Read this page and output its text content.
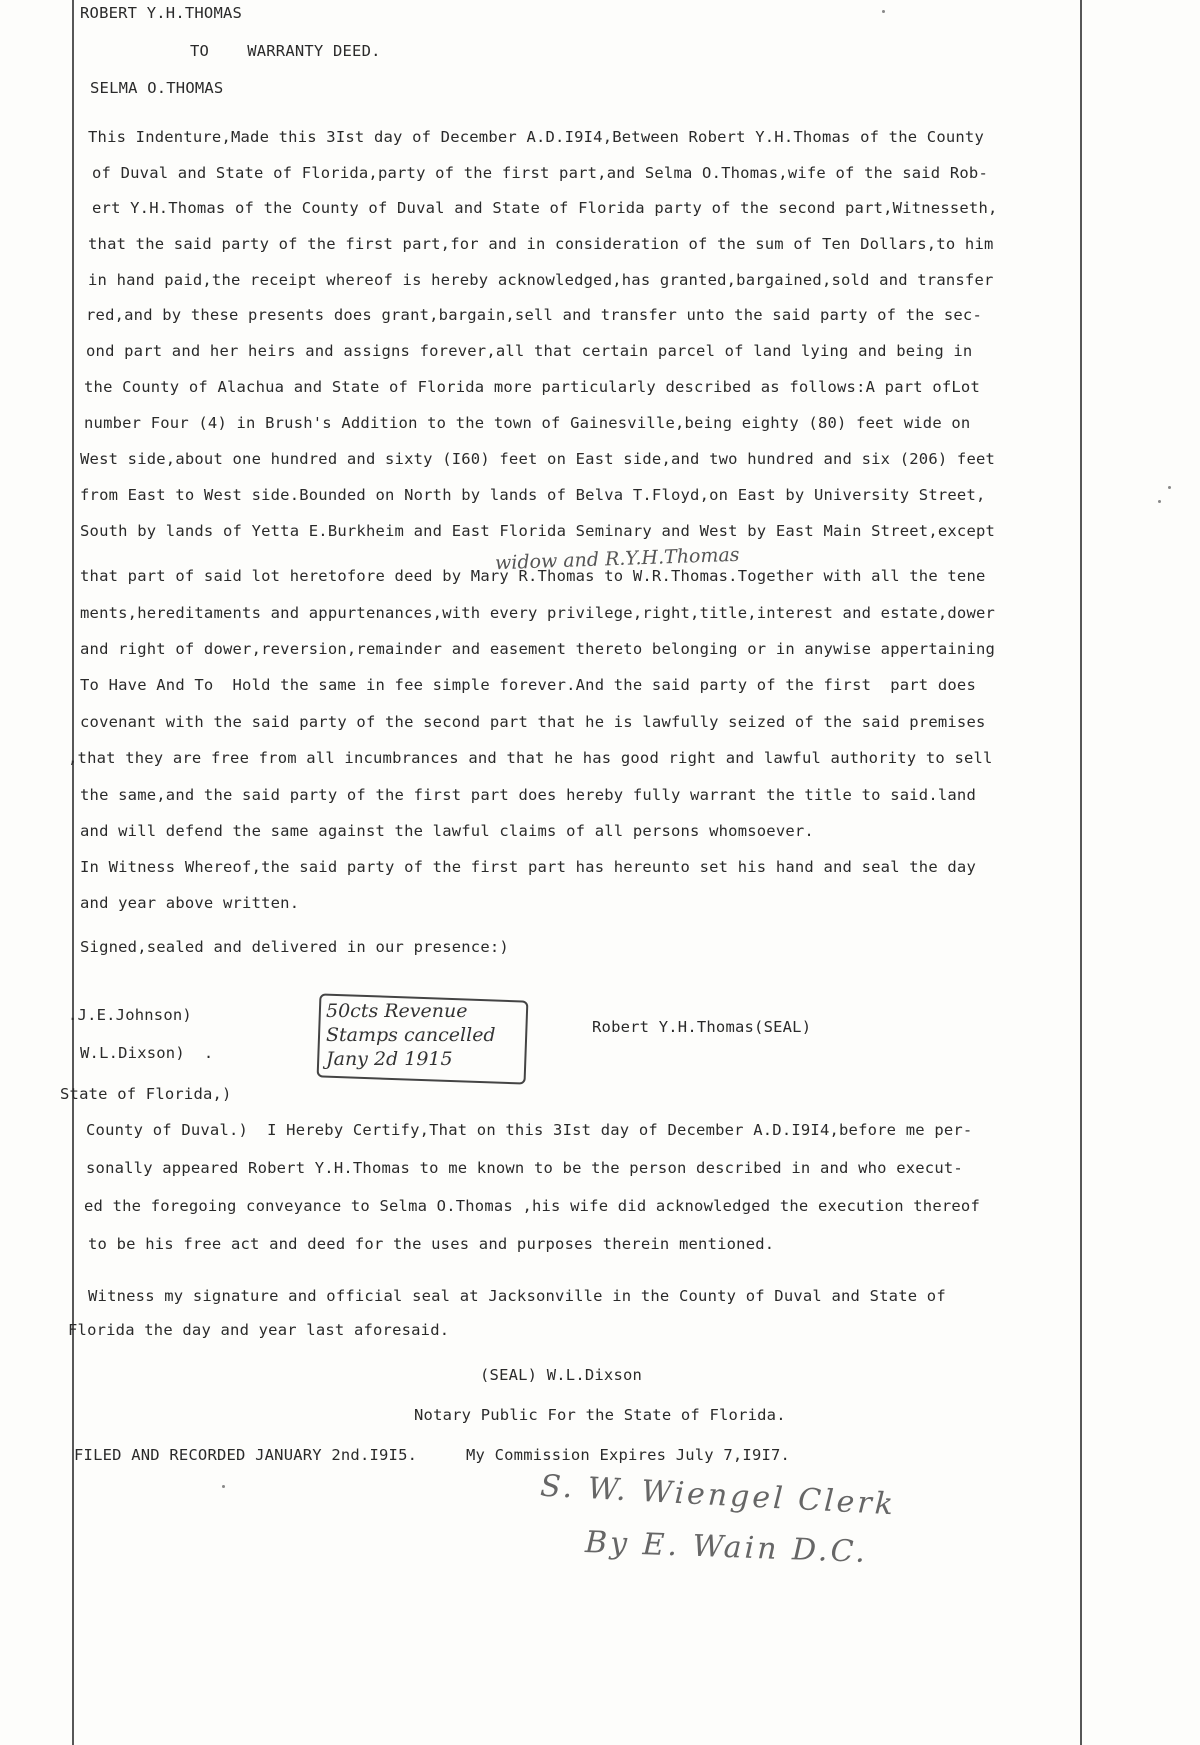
ROBERT Y.H.THOMAS
TO    WARRANTY DEED.
SELMA O.THOMAS
This Indenture,Made this 3Ist day of December A.D.I9I4,Between Robert Y.H.Thomas of the County
of Duval and State of Florida,party of the first part,and Selma O.Thomas,wife of the said Rob-
ert Y.H.Thomas of the County of Duval and State of Florida party of the second part,Witnesseth,
that the said party of the first part,for and in consideration of the sum of Ten Dollars,to him
in hand paid,the receipt whereof is hereby acknowledged,has granted,bargained,sold and transfer
red,and by these presents does grant,bargain,sell and transfer unto the said party of the sec-
ond part and her heirs and assigns forever,all that certain parcel of land lying and being in
the County of Alachua and State of Florida more particularly described as follows:A part ofLot
number Four (4) in Brush's Addition to the town of Gainesville,being eighty (80) feet wide on
West side,about one hundred and sixty (I60) feet on East side,and two hundred and six (206) feet
from East to West side.Bounded on North by lands of Belva T.Floyd,on East by University Street,
South by lands of Yetta E.Burkheim and East Florida Seminary and West by East Main Street,except
widow and R.Y.H.Thomas
that part of said lot heretofore deed by Mary R.Thomas to W.R.Thomas.Together with all the tene
ments,hereditaments and appurtenances,with every privilege,right,title,interest and estate,dower
and right of dower,reversion,remainder and easement thereto belonging or in anywise appertaining
To Have And To  Hold the same in fee simple forever.And the said party of the first  part does
covenant with the said party of the second part that he is lawfully seized of the said premises
,that they are free from all incumbrances and that he has good right and lawful authority to sell
the same,and the said party of the first part does hereby fully warrant the title to said.land
and will defend the same against the lawful claims of all persons whomsoever.
In Witness Whereof,the said party of the first part has hereunto set his hand and seal the day
and year above written.
Signed,sealed and delivered in our presence:)
.J.E.Johnson)
W.L.Dixson)  .
Robert Y.H.Thomas(SEAL)
50cts Revenue
Stamps cancelled
Jany 2d 1915
State of Florida,)
County of Duval.)  I Hereby Certify,That on this 3Ist day of December A.D.I9I4,before me per-
sonally appeared Robert Y.H.Thomas to me known to be the person described in and who execut-
ed the foregoing conveyance to Selma O.Thomas ,his wife did acknowledged the execution thereof
to be his free act and deed for the uses and purposes therein mentioned.
Witness my signature and official seal at Jacksonville in the County of Duval and State of
Florida the day and year last aforesaid.
(SEAL) W.L.Dixson
Notary Public For the State of Florida.
My Commission Expires July 7,I9I7.
FILED AND RECORDED JANUARY 2nd.I9I5.
S. W. Wiengel Clerk
By E. Wain D.C.
